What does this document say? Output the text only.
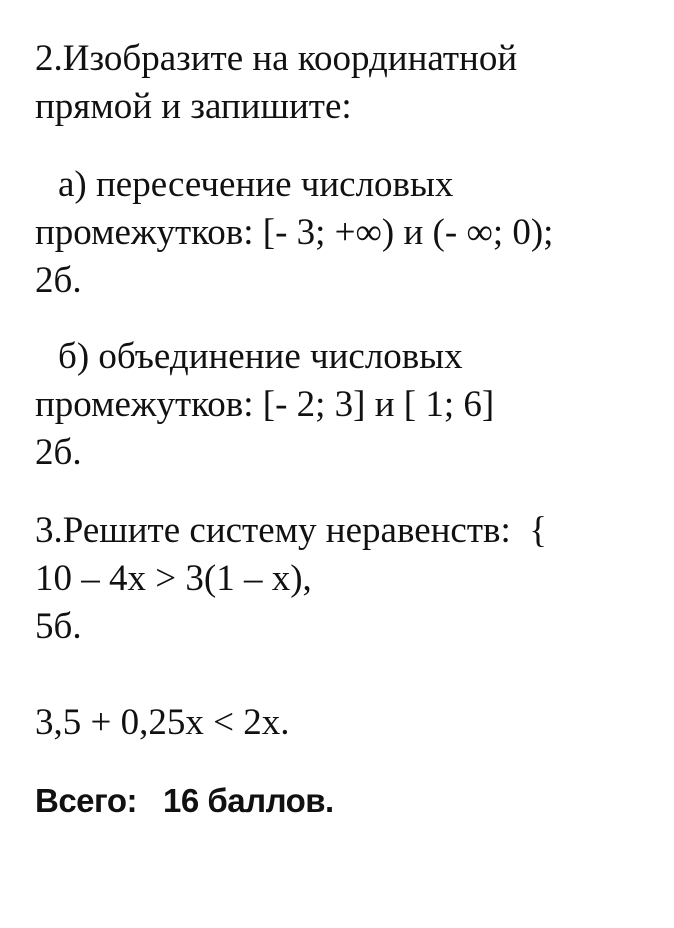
2.Изобразите на координатной
прямой и запишите:
а) пересечение числовых
промежутков: [- 3; +∞) и (- ∞; 0);
2б.
б) объединение числовых
промежутков: [- 2; 3] и [ 1; 6]
2б.
3.Решите систему неравенств:  {
10 – 4х > 3(1 – х),
5б.
3,5 + 0,25х < 2х.
Всего:   16 баллов.
